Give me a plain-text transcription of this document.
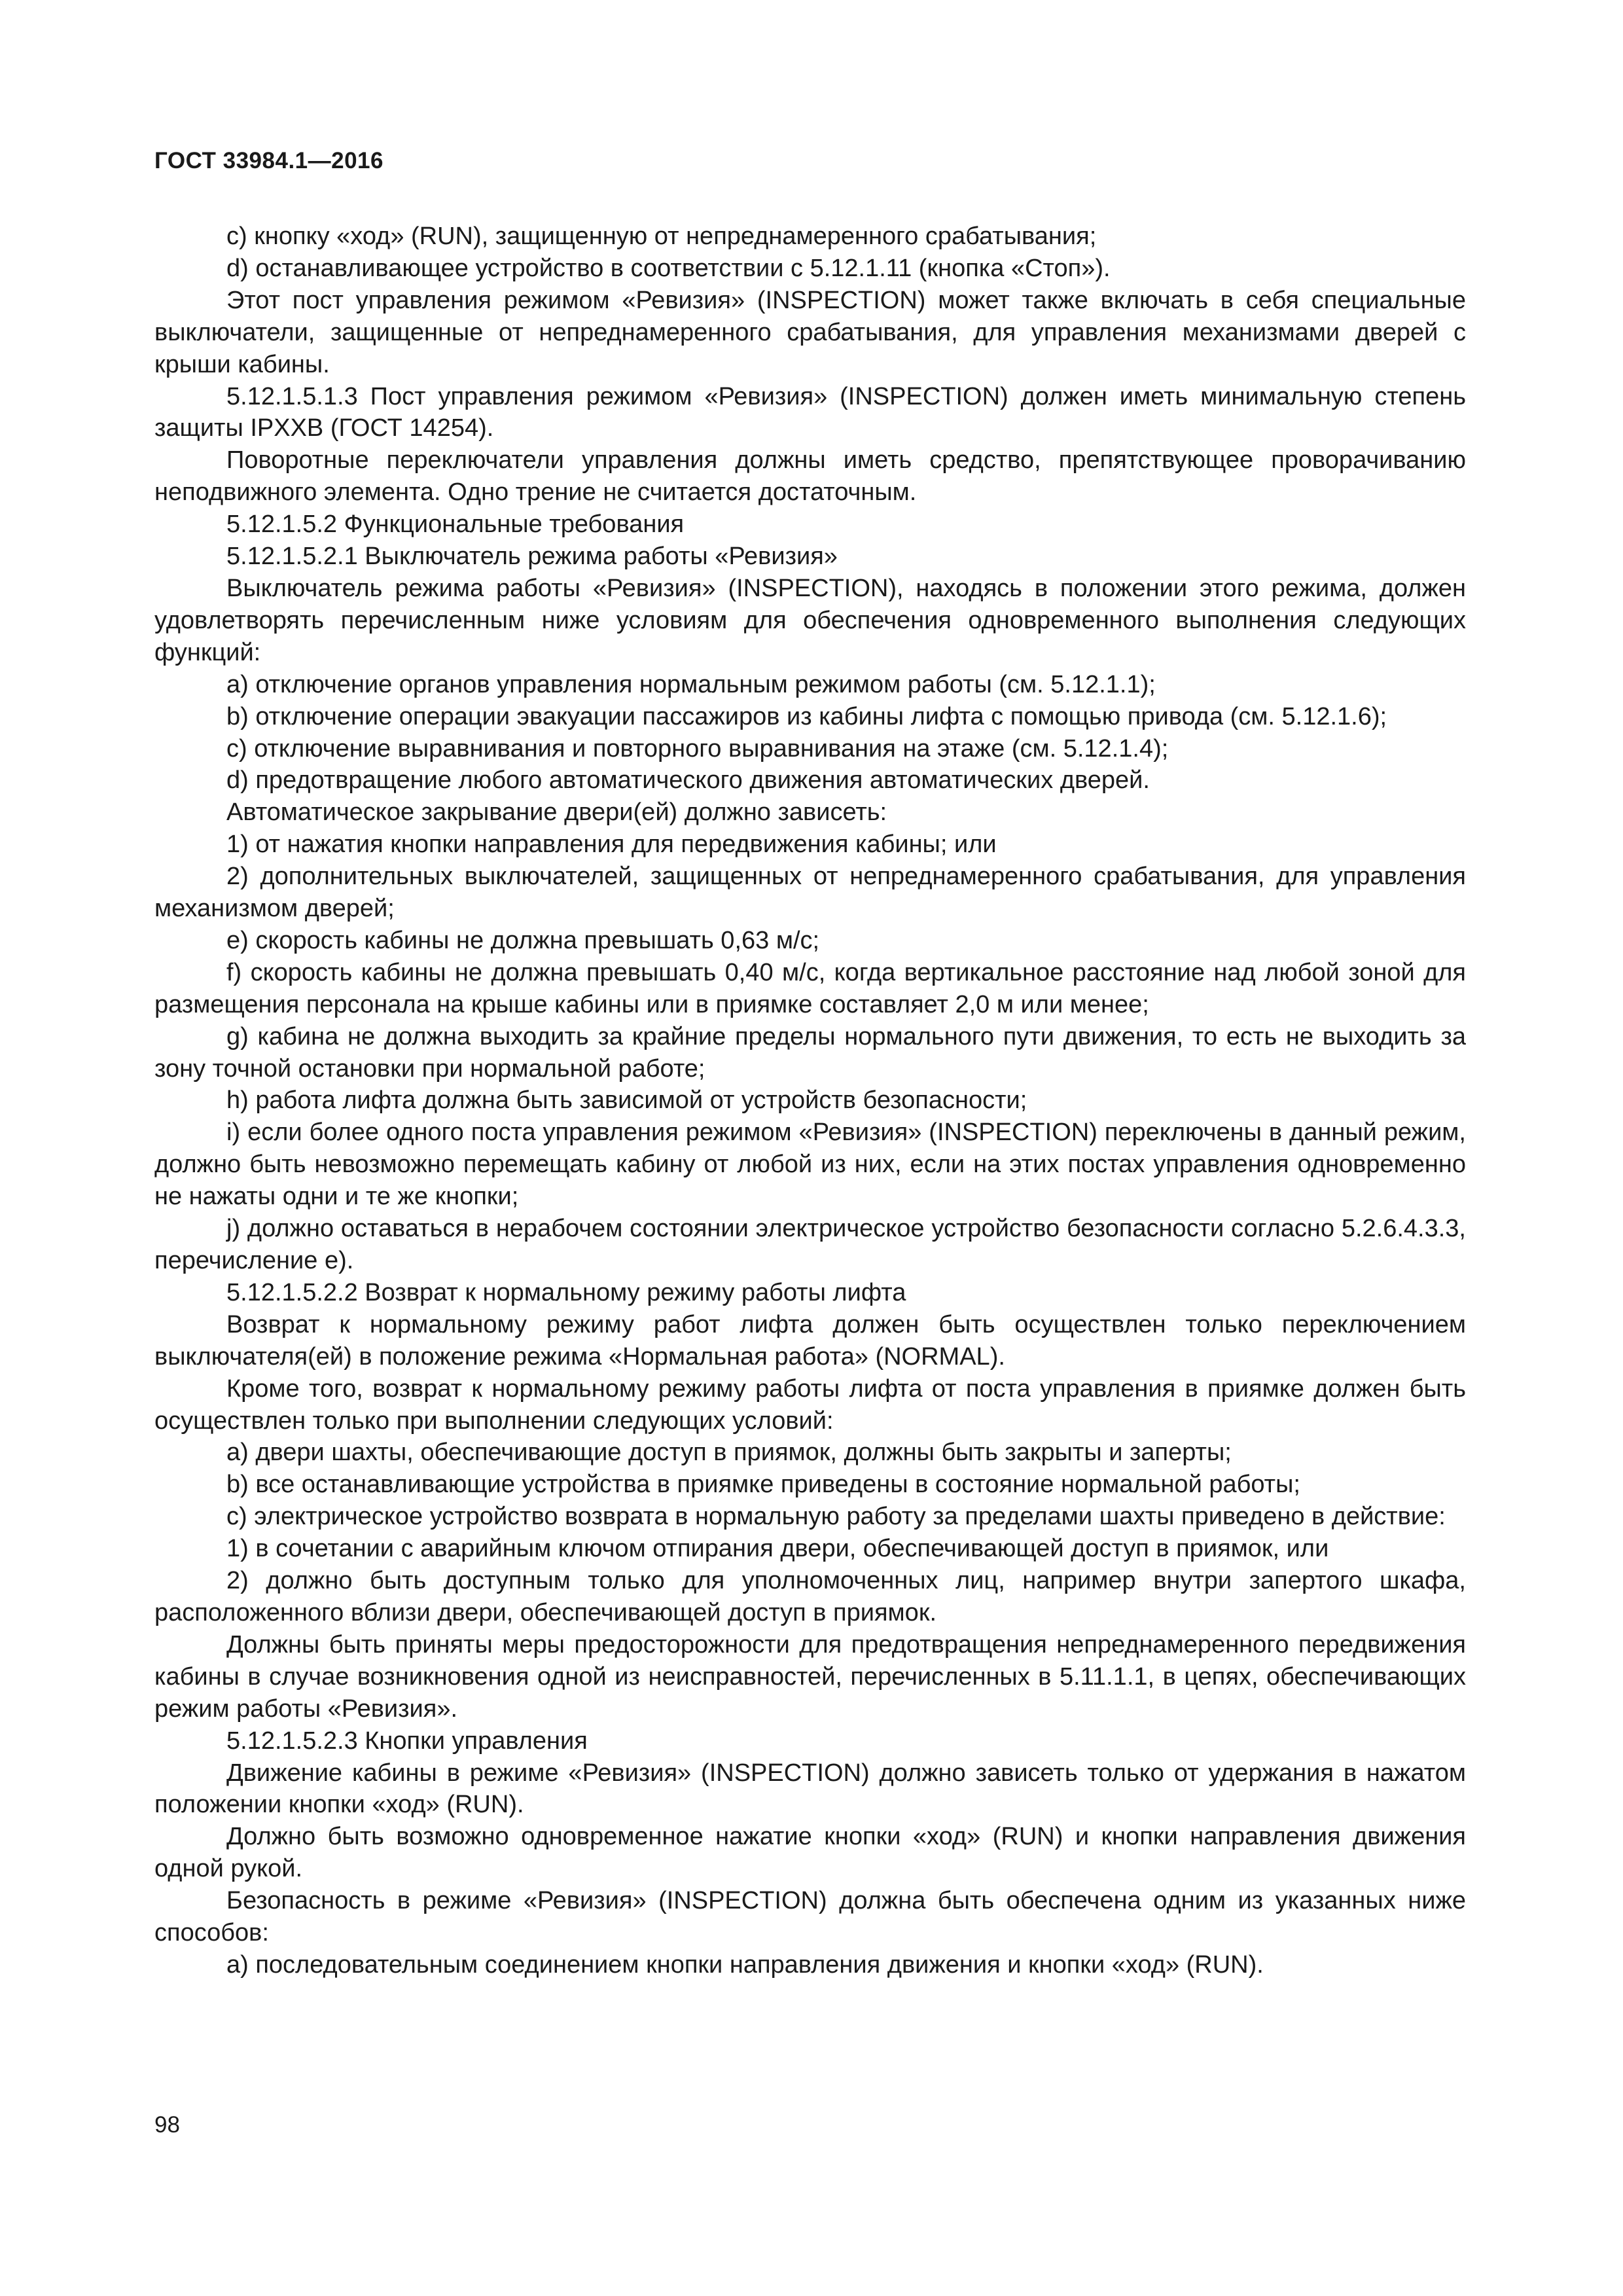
ГОСТ 33984.1—2016

c) кнопку «ход» (RUN), защищенную от непреднамеренного срабатывания;

d) останавливающее устройство в соответствии с 5.12.1.11 (кнопка «Стоп»).

Этот пост управления режимом «Ревизия» (INSPECTION) может также включать в себя специальные выключатели, защищенные от непреднамеренного срабатывания, для управления механизмами дверей с крыши кабины.

5.12.1.5.1.3 Пост управления режимом «Ревизия» (INSPECTION) должен иметь минимальную степень защиты IPXXB (ГОСТ 14254).

Поворотные переключатели управления должны иметь средство, препятствующее проворачиванию неподвижного элемента. Одно трение не считается достаточным.

5.12.1.5.2 Функциональные требования

5.12.1.5.2.1 Выключатель режима работы «Ревизия»

Выключатель режима работы «Ревизия» (INSPECTION), находясь в положении этого режима, должен удовлетворять перечисленным ниже условиям для обеспечения одновременного выполнения следующих функций:

a) отключение органов управления нормальным режимом работы (см. 5.12.1.1);

b) отключение операции эвакуации пассажиров из кабины лифта с помощью привода (см. 5.12.1.6);

c) отключение выравнивания и повторного выравнивания на этаже (см. 5.12.1.4);

d) предотвращение любого автоматического движения автоматических дверей.

Автоматическое закрывание двери(ей) должно зависеть:

1) от нажатия кнопки направления для передвижения кабины; или

2) дополнительных выключателей, защищенных от непреднамеренного срабатывания, для управления механизмом дверей;

e) скорость кабины не должна превышать 0,63 м/с;

f) скорость кабины не должна превышать 0,40 м/с, когда вертикальное расстояние над любой зоной для размещения персонала на крыше кабины или в приямке составляет 2,0 м или менее;

g) кабина не должна выходить за крайние пределы нормального пути движения, то есть не выходить за зону точной остановки при нормальной работе;

h) работа лифта должна быть зависимой от устройств безопасности;

i) если более одного поста управления режимом «Ревизия» (INSPECTION) переключены в данный режим, должно быть невозможно перемещать кабину от любой из них, если на этих постах управления одновременно не нажаты одни и те же кнопки;

j) должно оставаться в нерабочем состоянии электрическое устройство безопасности согласно 5.2.6.4.3.3, перечисление e).

5.12.1.5.2.2 Возврат к нормальному режиму работы лифта

Возврат к нормальному режиму работ лифта должен быть осуществлен только переключением выключателя(ей) в положение режима «Нормальная работа» (NORMAL).

Кроме того, возврат к нормальному режиму работы лифта от поста управления в приямке должен быть осуществлен только при выполнении следующих условий:

a) двери шахты, обеспечивающие доступ в приямок, должны быть закрыты и заперты;

b) все останавливающие устройства в приямке приведены в состояние нормальной работы;

c) электрическое устройство возврата в нормальную работу за пределами шахты приведено в действие:

1) в сочетании с аварийным ключом отпирания двери, обеспечивающей доступ в приямок, или

2) должно быть доступным только для уполномоченных лиц, например внутри запертого шкафа, расположенного вблизи двери, обеспечивающей доступ в приямок.

Должны быть приняты меры предосторожности для предотвращения непреднамеренного передвижения кабины в случае возникновения одной из неисправностей, перечисленных в 5.11.1.1, в цепях, обеспечивающих режим работы «Ревизия».

5.12.1.5.2.3 Кнопки управления

Движение кабины в режиме «Ревизия» (INSPECTION) должно зависеть только от удержания в нажатом положении кнопки «ход» (RUN).

Должно быть возможно одновременное нажатие кнопки «ход» (RUN) и кнопки направления движения одной рукой.

Безопасность в режиме «Ревизия» (INSPECTION) должна быть обеспечена одним из указанных ниже способов:

a) последовательным соединением кнопки направления движения и кнопки «ход» (RUN).

98
